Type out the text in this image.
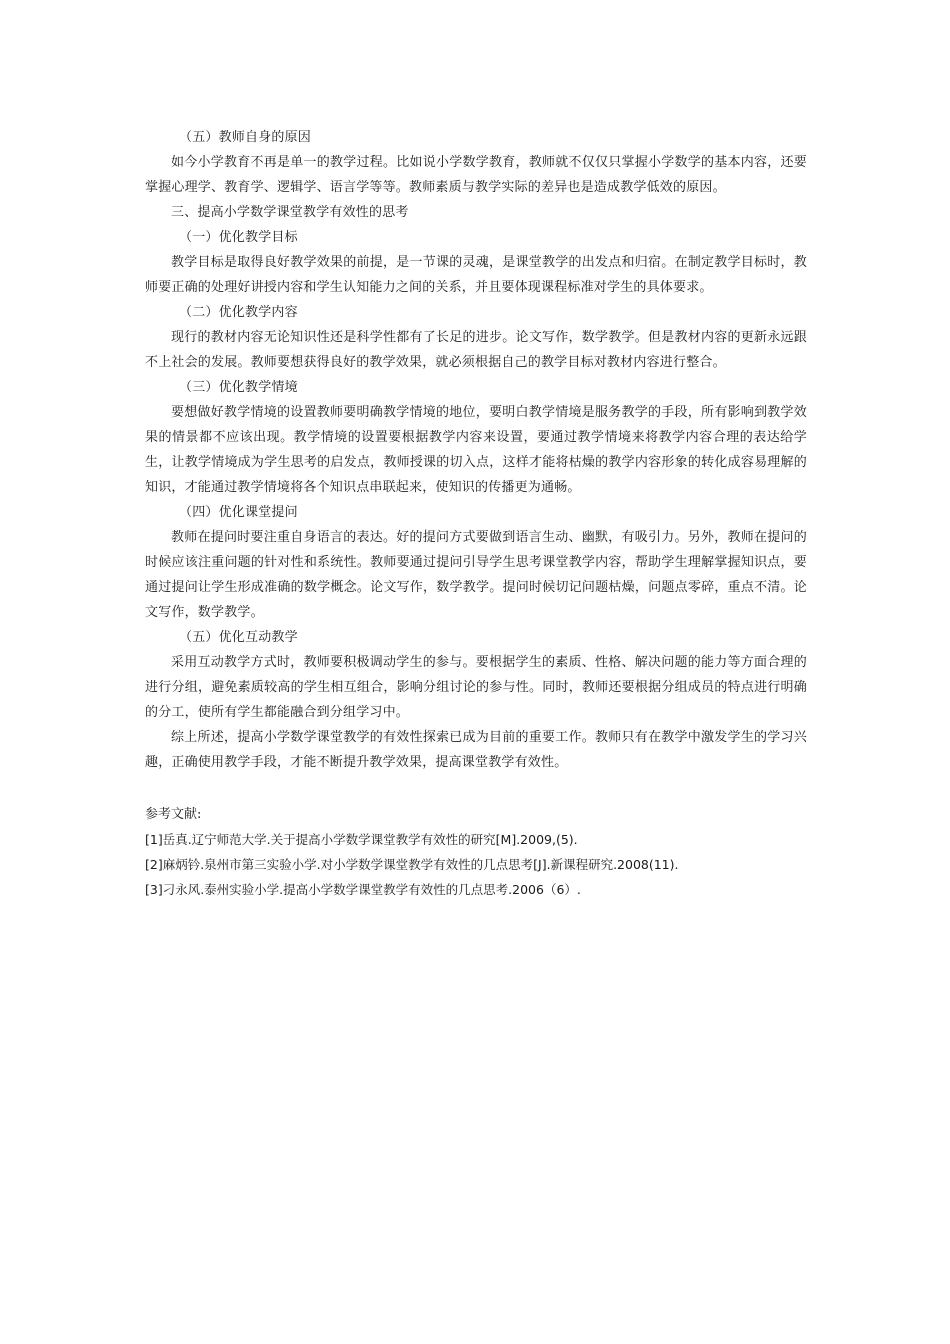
（五）教师自身的原因

如今小学教育不再是单一的教学过程。比如说小学数学教育，教师就不仅仅只掌握小学数学的基本内容，还要掌握心理学、教育学、逻辑学、语言学等等。教师素质与教学实际的差异也是造成教学低效的原因。

三、提高小学数学课堂教学有效性的思考

（一）优化教学目标

教学目标是取得良好教学效果的前提，是一节课的灵魂，是课堂教学的出发点和归宿。在制定教学目标时，教师要正确的处理好讲授内容和学生认知能力之间的关系，并且要体现课程标准对学生的具体要求。

（二）优化教学内容

现行的教材内容无论知识性还是科学性都有了长足的进步。论文写作，数学教学。但是教材内容的更新永远跟不上社会的发展。教师要想获得良好的教学效果，就必须根据自己的教学目标对教材内容进行整合。

（三）优化教学情境

要想做好教学情境的设置教师要明确教学情境的地位，要明白教学情境是服务教学的手段，所有影响到教学效果的情景都不应该出现。教学情境的设置要根据教学内容来设置，要通过教学情境来将教学内容合理的表达给学生，让教学情境成为学生思考的启发点，教师授课的切入点，这样才能将枯燥的教学内容形象的转化成容易理解的知识，才能通过教学情境将各个知识点串联起来，使知识的传播更为通畅。

（四）优化课堂提问

教师在提问时要注重自身语言的表达。好的提问方式要做到语言生动、幽默，有吸引力。另外，教师在提问的时候应该注重问题的针对性和系统性。教师要通过提问引导学生思考课堂教学内容，帮助学生理解掌握知识点，要通过提问让学生形成准确的数学概念。论文写作，数学教学。提问时候切记问题枯燥，问题点零碎，重点不清。论文写作，数学教学。

（五）优化互动教学

采用互动教学方式时，教师要积极调动学生的参与。要根据学生的素质、性格、解决问题的能力等方面合理的进行分组，避免素质较高的学生相互组合，影响分组讨论的参与性。同时，教师还要根据分组成员的特点进行明确的分工，使所有学生都能融合到分组学习中。

综上所述，提高小学数学课堂教学的有效性探索已成为目前的重要工作。教师只有在教学中激发学生的学习兴趣，正确使用教学手段，才能不断提升教学效果，提高课堂教学有效性。

参考文献:

[1]岳真.辽宁师范大学.关于提高小学数学课堂教学有效性的研究[M].2009,(5).

[2]麻炳钤.泉州市第三实验小学.对小学数学课堂教学有效性的几点思考[J].新课程研究.2008(11).

[3]刁永风.泰州实验小学.提高小学数学课堂教学有效性的几点思考.2006（6）.
